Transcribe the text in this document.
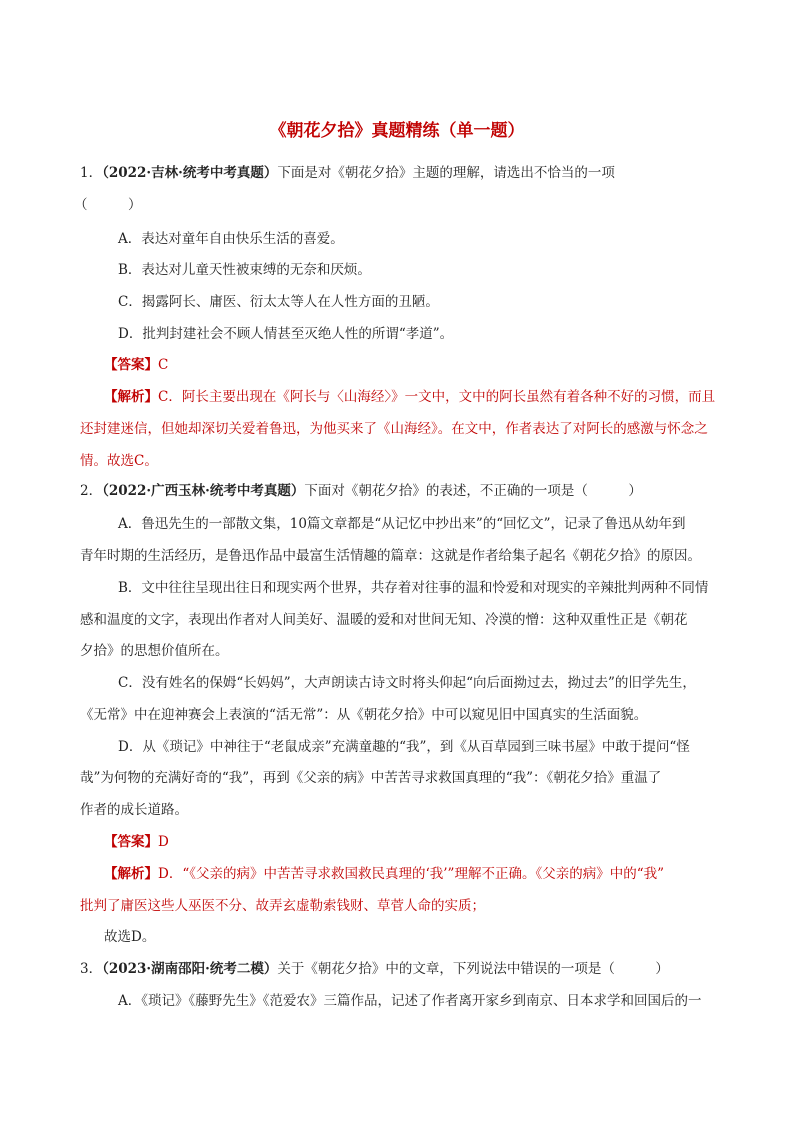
《朝花夕拾》真题精练（单一题）
1．（2022·吉林·统考中考真题）下面是对《朝花夕拾》主题的理解，请选出不恰当的一项
（　　　）
A．表达对童年自由快乐生活的喜爱。
B．表达对儿童天性被束缚的无奈和厌烦。
C．揭露阿长、庸医、衍太太等人在人性方面的丑陋。
D．批判封建社会不顾人情甚至灭绝人性的所谓“孝道”。
【答案】C
【解析】C．阿长主要出现在《阿长与〈山海经〉》一文中，文中的阿长虽然有着各种不好的习惯，而且
还封建迷信，但她却深切关爱着鲁迅，为他买来了《山海经》。在文中，作者表达了对阿长的感激与怀念之
情。故选C。
2．（2022·广西玉林·统考中考真题）下面对《朝花夕拾》的表述，不正确的一项是（　　　）
A．鲁迅先生的一部散文集，10篇文章都是“从记忆中抄出来”的“回忆文”，记录了鲁迅从幼年到
青年时期的生活经历，是鲁迅作品中最富生活情趣的篇章：这就是作者给集子起名《朝花夕拾》的原因。
B．文中往往呈现出往日和现实两个世界，共存着对往事的温和怜爱和对现实的辛辣批判两种不同情
感和温度的文字，表现出作者对人间美好、温暖的爱和对世间无知、冷漠的憎：这种双重性正是《朝花
夕拾》的思想价值所在。
C．没有姓名的保姆“长妈妈”，大声朗读古诗文时将头仰起“向后面拗过去，拗过去”的旧学先生，
《无常》中在迎神赛会上表演的“活无常”：从《朝花夕拾》中可以窥见旧中国真实的生活面貌。
D．从《琐记》中神往于“老鼠成亲”充满童趣的“我”，到《从百草园到三味书屋》中敢于提问“怪
哉”为何物的充满好奇的“我”，再到《父亲的病》中苦苦寻求救国真理的“我”：《朝花夕拾》重温了
作者的成长道路。
【答案】D
【解析】D．“《父亲的病》中苦苦寻求救国救民真理的‘我’”理解不正确。《父亲的病》中的“我”
批判了庸医这些人巫医不分、故弄玄虚勒索钱财、草菅人命的实质；
故选D。
3．（2023·湖南邵阳·统考二模）关于《朝花夕拾》中的文章，下列说法中错误的一项是（　　　）
A．《琐记》《藤野先生》《范爱农》三篇作品，记述了作者离开家乡到南京、日本求学和回国后的一
